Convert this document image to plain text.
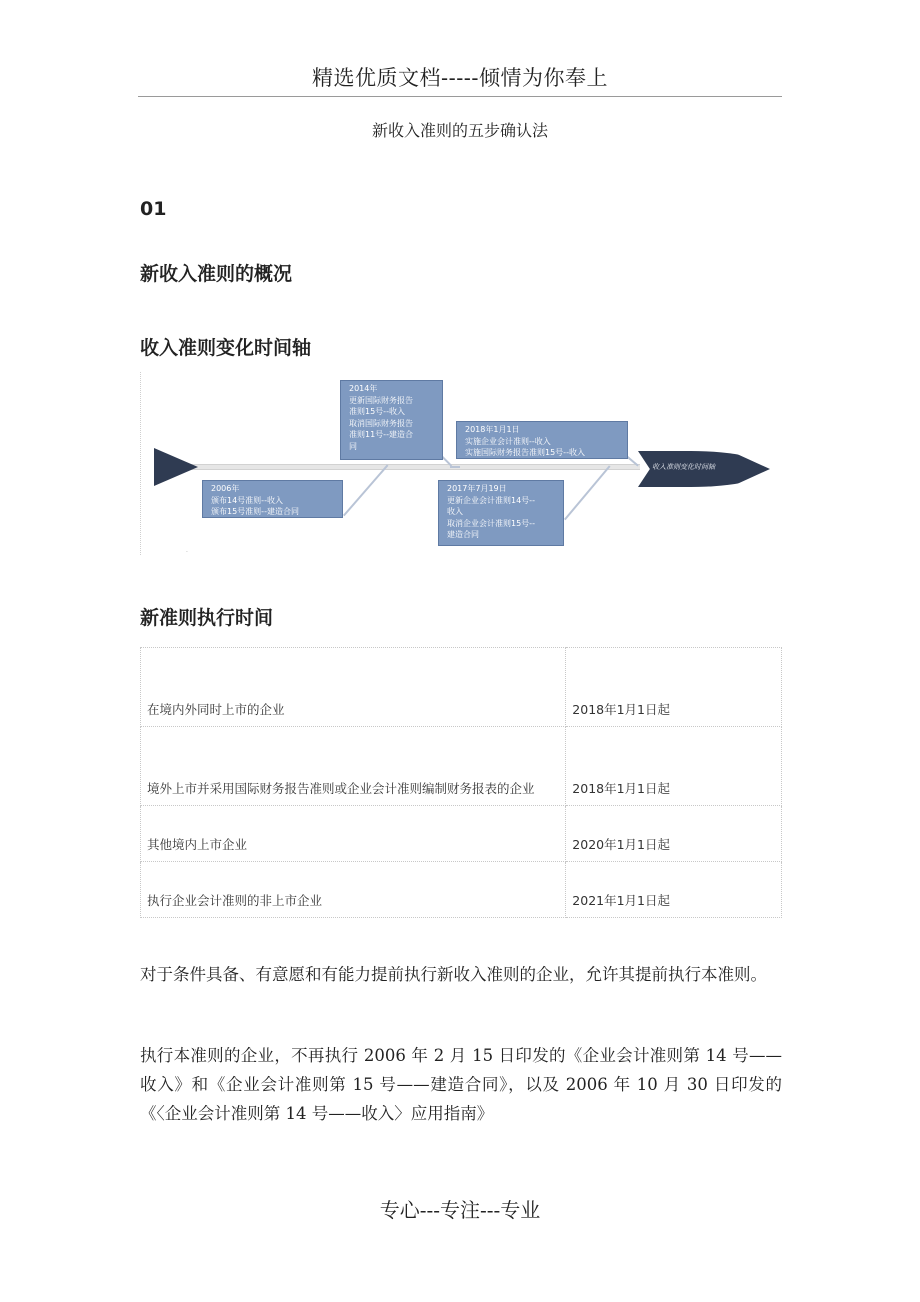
精选优质文档-----倾情为你奉上
新收入准则的五步确认法
01
新收入准则的概况
收入准则变化时间轴
收入准则变化时间轴
2014年
更新国际财务报告
准则15号--收入
取消国际财务报告
准则11号--建造合
同
2018年1月1日
实施企业会计准则--收入
实施国际财务报告准则15号--收入
2006年
颁布14号准则--收入
颁布15号准则--建造合同
2017年7月19日
更新企业会计准则14号--
收入
取消企业会计准则15号--
建造合同
·
新准则执行时间
在境内外同时上市的企业	2018年1月1日起
境外上市并采用国际财务报告准则或企业会计准则编制财务报表的企业	2018年1月1日起
其他境内上市企业	2020年1月1日起
执行企业会计准则的非上市企业	2021年1月1日起
对于条件具备、有意愿和有能力提前执行新收入准则的企业，允许其提前执行本准则。
执行本准则的企业，不再执行 2006 年 2 月 15 日印发的《企业会计准则第 14 号——收入》和《企业会计准则第 15 号——建造合同》，以及 2006 年 10 月 30 日印发的《〈企业会计准则第 14 号——收入〉应用指南》
专心---专注---专业
